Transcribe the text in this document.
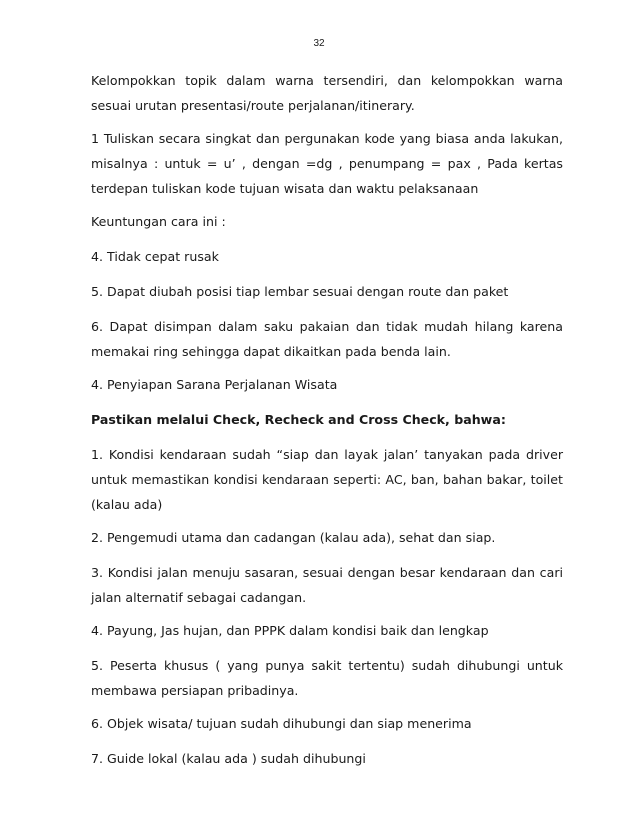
32

Kelompokkan topik dalam warna tersendiri, dan kelompokkan warna sesuai urutan presentasi/route perjalanan/itinerary.

1 Tuliskan secara singkat dan pergunakan kode yang biasa anda lakukan, misalnya : untuk = u’ , dengan =dg , penumpang = pax , Pada kertas terdepan tuliskan kode tujuan wisata dan waktu pelaksanaan

Keuntungan cara ini :

4. Tidak cepat rusak

5. Dapat diubah posisi tiap lembar sesuai dengan route dan paket

6. Dapat disimpan dalam saku pakaian dan tidak mudah hilang karena memakai ring sehingga dapat dikaitkan pada benda lain.

4. Penyiapan Sarana Perjalanan Wisata

Pastikan melalui Check, Recheck and Cross Check, bahwa:

1. Kondisi kendaraan sudah “siap dan layak jalan’ tanyakan pada driver untuk memastikan kondisi kendaraan seperti: AC, ban, bahan bakar, toilet (kalau ada)

2. Pengemudi utama dan cadangan (kalau ada), sehat dan siap.

3. Kondisi jalan menuju sasaran, sesuai dengan besar kendaraan dan cari jalan alternatif sebagai cadangan.

4. Payung, Jas hujan, dan PPPK dalam kondisi baik dan lengkap

5. Peserta khusus ( yang punya sakit tertentu) sudah dihubungi untuk membawa persiapan pribadinya.

6. Objek wisata/ tujuan sudah dihubungi dan siap menerima

7. Guide lokal (kalau ada ) sudah dihubungi
